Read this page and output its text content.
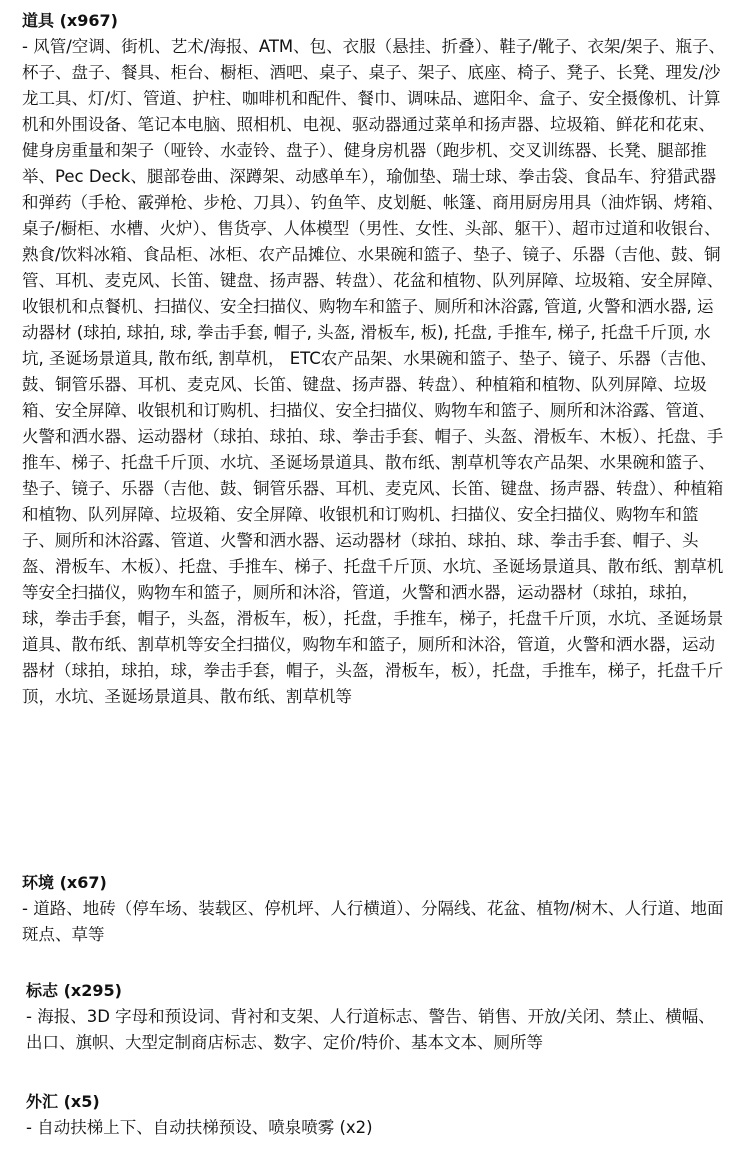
道具 (x967)

- 风管/空调、街机、艺术/海报、ATM、包、衣服（悬挂、折叠）、鞋子/靴子、衣架/架子、瓶子、杯子、盘子、餐具、柜台、橱柜、酒吧、桌子、桌子、架子、底座、椅子、凳子、长凳、理发/沙龙工具、灯/灯、管道、护柱、咖啡机和配件、餐巾、调味品、遮阳伞、盒子、安全摄像机、计算机和外围设备、笔记本电脑、照相机、电视、驱动器通过菜单和扬声器、垃圾箱、鲜花和花束、健身房重量和架子（哑铃、水壶铃、盘子）、健身房机器（跑步机、交叉训练器、长凳、腿部推举、Pec Deck、腿部卷曲、深蹲架、动感单车），瑜伽垫、瑞士球、拳击袋、食品车、狩猎武器和弹药（手枪、霰弹枪、步枪、刀具）、钓鱼竿、皮划艇、帐篷、商用厨房用具（油炸锅、烤箱、桌子/橱柜、水槽、火炉）、售货亭、人体模型（男性、女性、头部、躯干）、超市过道和收银台、熟食/饮料冰箱、食品柜、冰柜、农产品摊位、水果碗和篮子、垫子、镜子、乐器（吉他、鼓、铜管、耳机、麦克风、长笛、键盘、扬声器、转盘）、花盆和植物、队列屏障、垃圾箱、安全屏障、收银机和点餐机、扫描仪、安全扫描仪、购物车和篮子、厕所和沐浴露, 管道, 火警和洒水器, 运动器材 (球拍, 球拍, 球, 拳击手套, 帽子, 头盔, 滑板车, 板), 托盘, 手推车, 梯子, 托盘千斤顶, 水坑, 圣诞场景道具, 散布纸, 割草机， ETC农产品架、水果碗和篮子、垫子、镜子、乐器（吉他、鼓、铜管乐器、耳机、麦克风、长笛、键盘、扬声器、转盘）、种植箱和植物、队列屏障、垃圾箱、安全屏障、收银机和订购机、扫描仪、安全扫描仪、购物车和篮子、厕所和沐浴露、管道、火警和洒水器、运动器材（球拍、球拍、球、拳击手套、帽子、头盔、滑板车、木板）、托盘、手推车、梯子、托盘千斤顶、水坑、圣诞场景道具、散布纸、割草机等农产品架、水果碗和篮子、垫子、镜子、乐器（吉他、鼓、铜管乐器、耳机、麦克风、长笛、键盘、扬声器、转盘）、种植箱和植物、队列屏障、垃圾箱、安全屏障、收银机和订购机、扫描仪、安全扫描仪、购物车和篮子、厕所和沐浴露、管道、火警和洒水器、运动器材（球拍、球拍、球、拳击手套、帽子、头盔、滑板车、木板）、托盘、手推车、梯子、托盘千斤顶、水坑、圣诞场景道具、散布纸、割草机等安全扫描仪，购物车和篮子，厕所和沐浴，管道，火警和洒水器，运动器材（球拍，球拍，球，拳击手套，帽子，头盔，滑板车，板），托盘，手推车，梯子，托盘千斤顶，水坑、圣诞场景道具、散布纸、割草机等安全扫描仪，购物车和篮子，厕所和沐浴，管道，火警和洒水器，运动器材（球拍，球拍，球，拳击手套，帽子，头盔，滑板车，板），托盘，手推车，梯子，托盘千斤顶，水坑、圣诞场景道具、散布纸、割草机等

环境 (x67)

- 道路、地砖（停车场、装载区、停机坪、人行横道）、分隔线、花盆、植物/树木、人行道、地面斑点、草等

标志 (x295)

- 海报、3D 字母和预设词、背衬和支架、人行道标志、警告、销售、开放/关闭、禁止、横幅、出口、旗帜、大型定制商店标志、数字、定价/特价、基本文本、厕所等

外汇 (x5)

- 自动扶梯上下、自动扶梯预设、喷泉喷雾 (x2)
